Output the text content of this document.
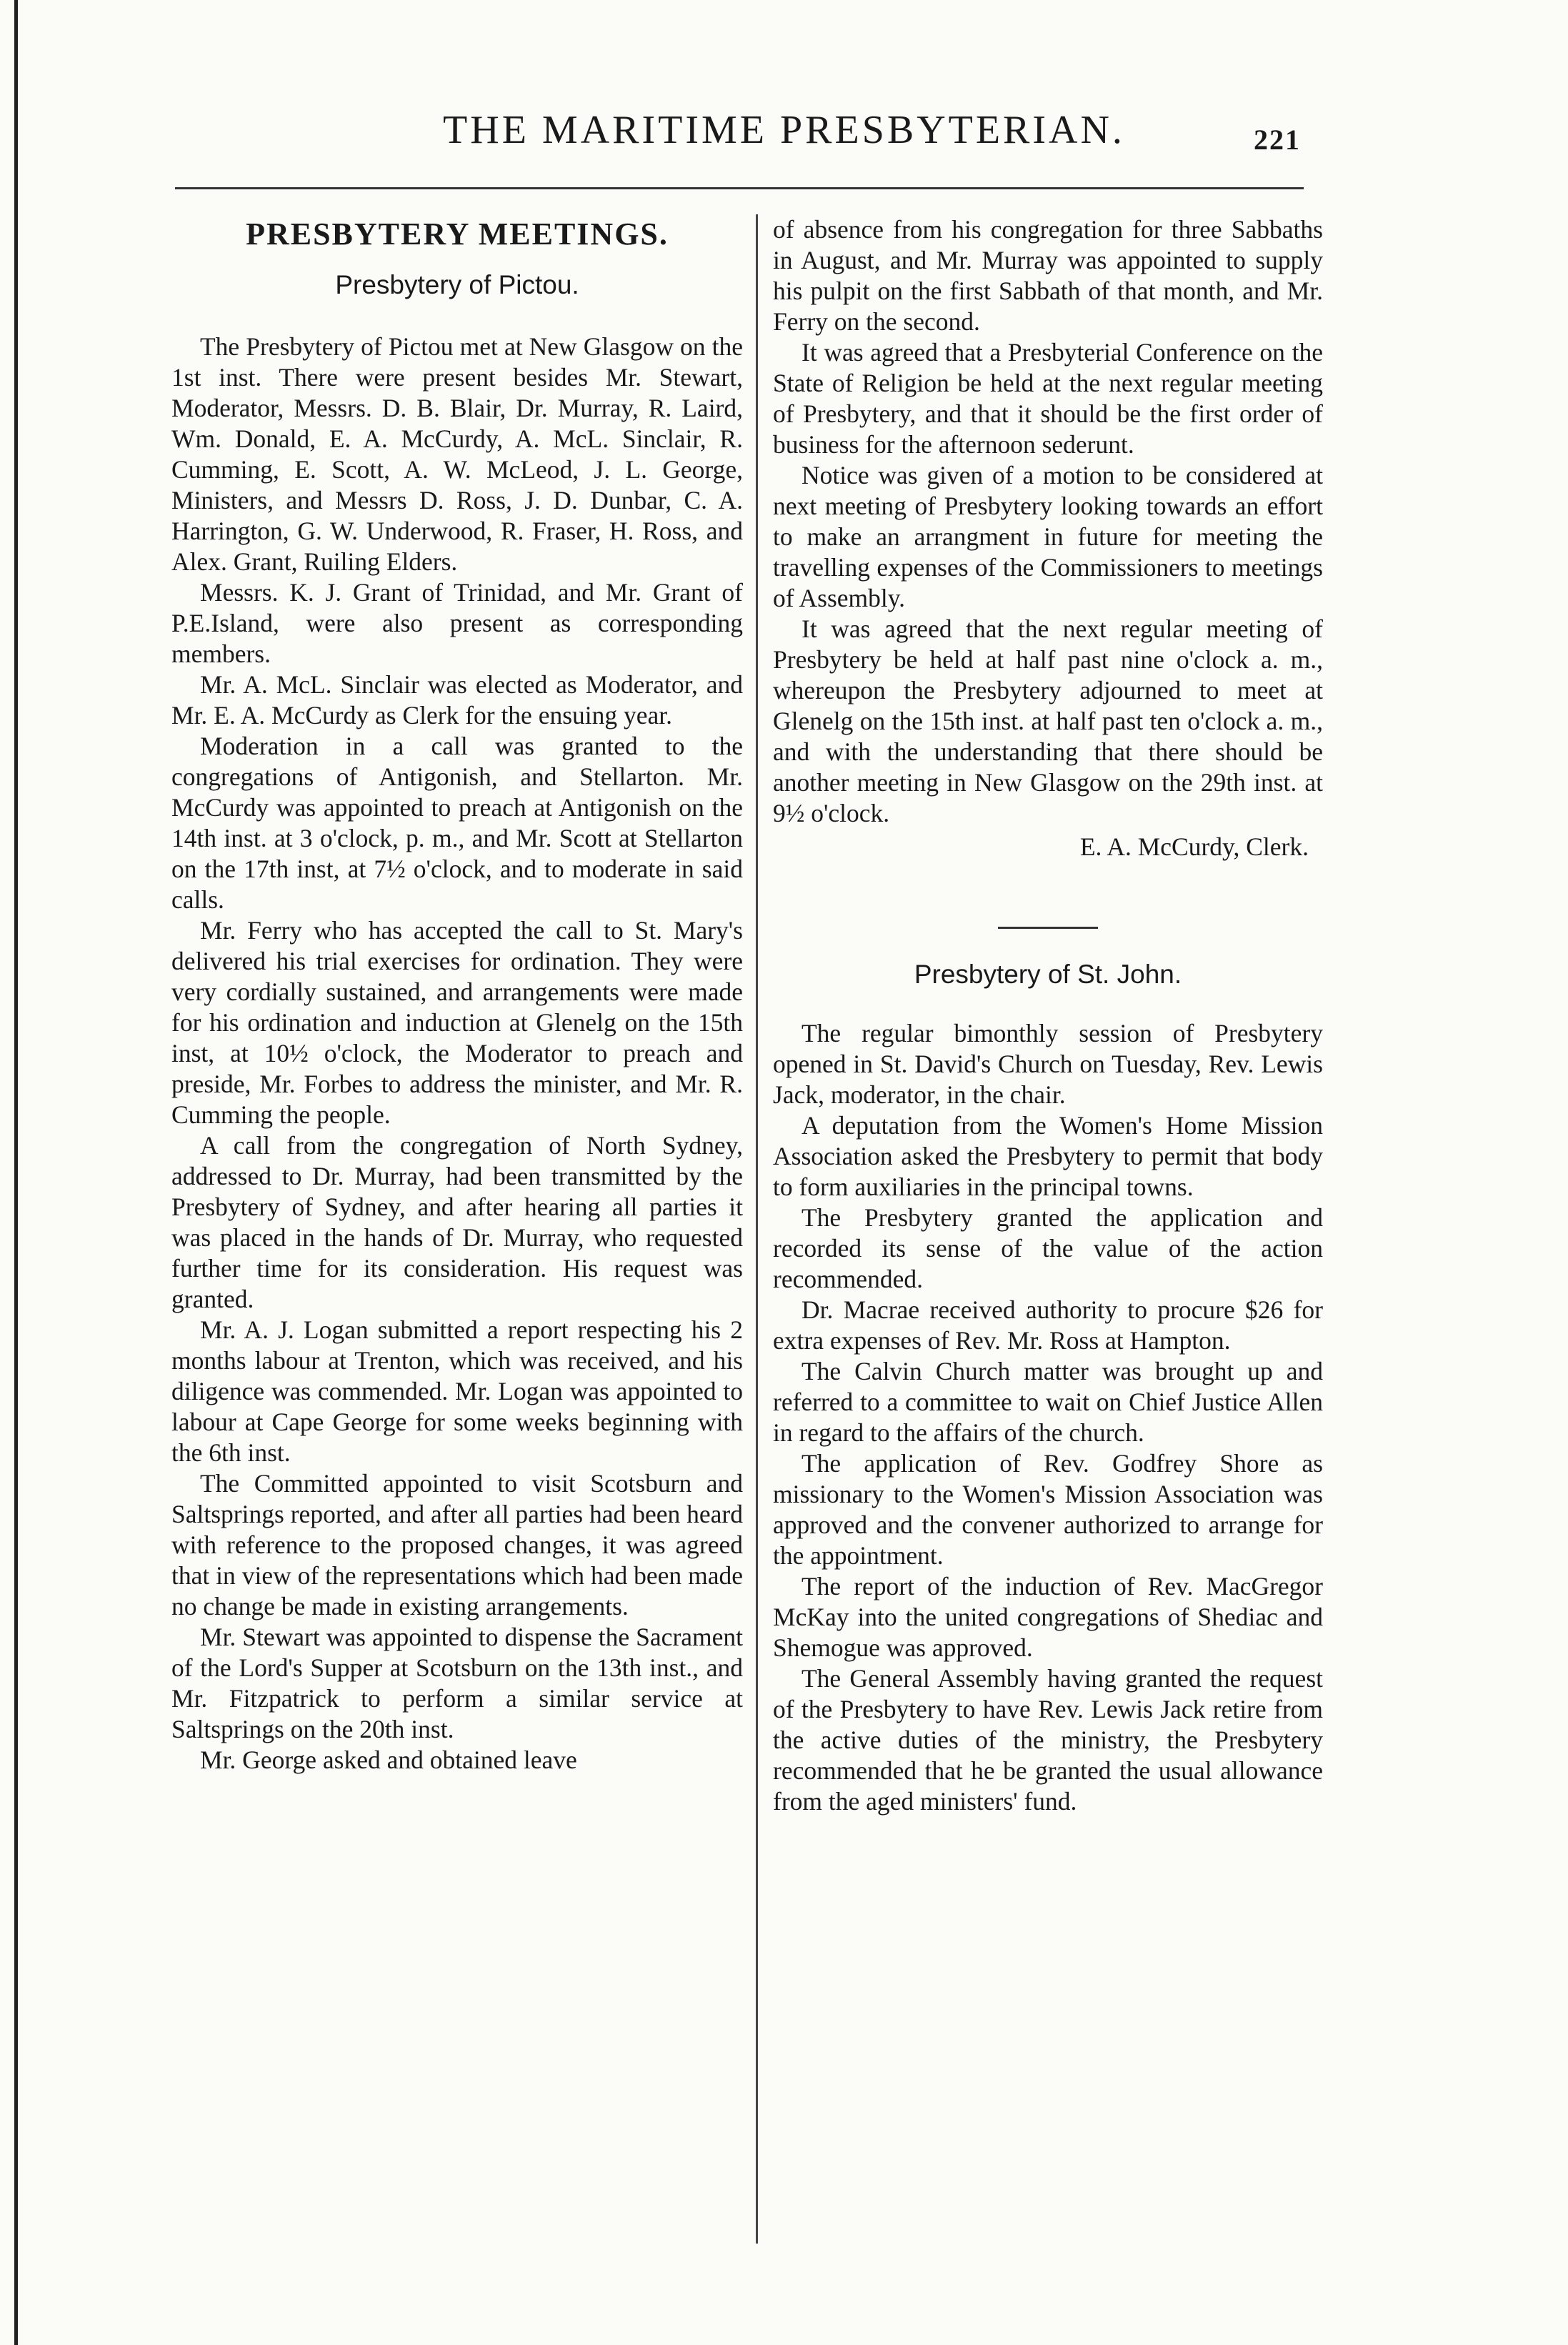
THE MARITIME PRESBYTERIAN.	221
PRESBYTERY MEETINGS.
Presbytery of Pictou.

The Presbytery of Pictou met at New Glasgow on the 1st inst. There were present besides Mr. Stewart, Moderator, Messrs. D. B. Blair, Dr. Murray, R. Laird, Wm. Donald, E. A. McCurdy, A. McL. Sinclair, R. Cumming, E. Scott, A. W. McLeod, J. L. George, Ministers, and Messrs D. Ross, J. D. Dunbar, C. A. Harrington, G. W. Underwood, R. Fraser, H. Ross, and Alex. Grant, Ruiling Elders.

Messrs. K. J. Grant of Trinidad, and Mr. Grant of P.E.Island, were also present as corresponding members.

Mr. A. McL. Sinclair was elected as Moderator, and Mr. E. A. McCurdy as Clerk for the ensuing year.

Moderation in a call was granted to the congregations of Antigonish, and Stellarton. Mr. McCurdy was appointed to preach at Antigonish on the 14th inst. at 3 o'clock, p. m., and Mr. Scott at Stellarton on the 17th inst, at 7½ o'clock, and to moderate in said calls.

Mr. Ferry who has accepted the call to St. Mary's delivered his trial exercises for ordination. They were very cordially sustained, and arrangements were made for his ordination and induction at Glenelg on the 15th inst, at 10½ o'clock, the Moderator to preach and preside, Mr. Forbes to address the minister, and Mr. R. Cumming the people.

A call from the congregation of North Sydney, addressed to Dr. Murray, had been transmitted by the Presbytery of Sydney, and after hearing all parties it was placed in the hands of Dr. Murray, who requested further time for its consideration. His request was granted.

Mr. A. J. Logan submitted a report respecting his 2 months labour at Trenton, which was received, and his diligence was commended. Mr. Logan was appointed to labour at Cape George for some weeks beginning with the 6th inst.

The Committed appointed to visit Scotsburn and Saltsprings reported, and after all parties had been heard with reference to the proposed changes, it was agreed that in view of the representations which had been made no change be made in existing arrangements.

Mr. Stewart was appointed to dispense the Sacrament of the Lord's Supper at Scotsburn on the 13th inst., and Mr. Fitzpatrick to perform a similar service at Saltsprings on the 20th inst.

Mr. George asked and obtained leave

of absence from his congregation for three Sabbaths in August, and Mr. Murray was appointed to supply his pulpit on the first Sabbath of that month, and Mr. Ferry on the second.

It was agreed that a Presbyterial Conference on the State of Religion be held at the next regular meeting of Presbytery, and that it should be the first order of business for the afternoon sederunt.

Notice was given of a motion to be considered at next meeting of Presbytery looking towards an effort to make an arrangment in future for meeting the travelling expenses of the Commissioners to meetings of Assembly.

It was agreed that the next regular meeting of Presbytery be held at half past nine o'clock a. m., whereupon the Presbytery adjourned to meet at Glenelg on the 15th inst. at half past ten o'clock a. m., and with the understanding that there should be another meeting in New Glasgow on the 29th inst. at 9½ o'clock.

E. A. McCurdy, Clerk.
Presbytery of St. John.

The regular bimonthly session of Presbytery opened in St. David's Church on Tuesday, Rev. Lewis Jack, moderator, in the chair.

A deputation from the Women's Home Mission Association asked the Presbytery to permit that body to form auxiliaries in the principal towns.

The Presbytery granted the application and recorded its sense of the value of the action recommended.

Dr. Macrae received authority to procure $26 for extra expenses of Rev. Mr. Ross at Hampton.

The Calvin Church matter was brought up and referred to a committee to wait on Chief Justice Allen in regard to the affairs of the church.

The application of Rev. Godfrey Shore as missionary to the Women's Mission Association was approved and the convener authorized to arrange for the appointment.

The report of the induction of Rev. MacGregor McKay into the united congregations of Shediac and Shemogue was approved.

The General Assembly having granted the request of the Presbytery to have Rev. Lewis Jack retire from the active duties of the ministry, the Presbytery recommended that he be granted the usual allowance from the aged ministers' fund.
